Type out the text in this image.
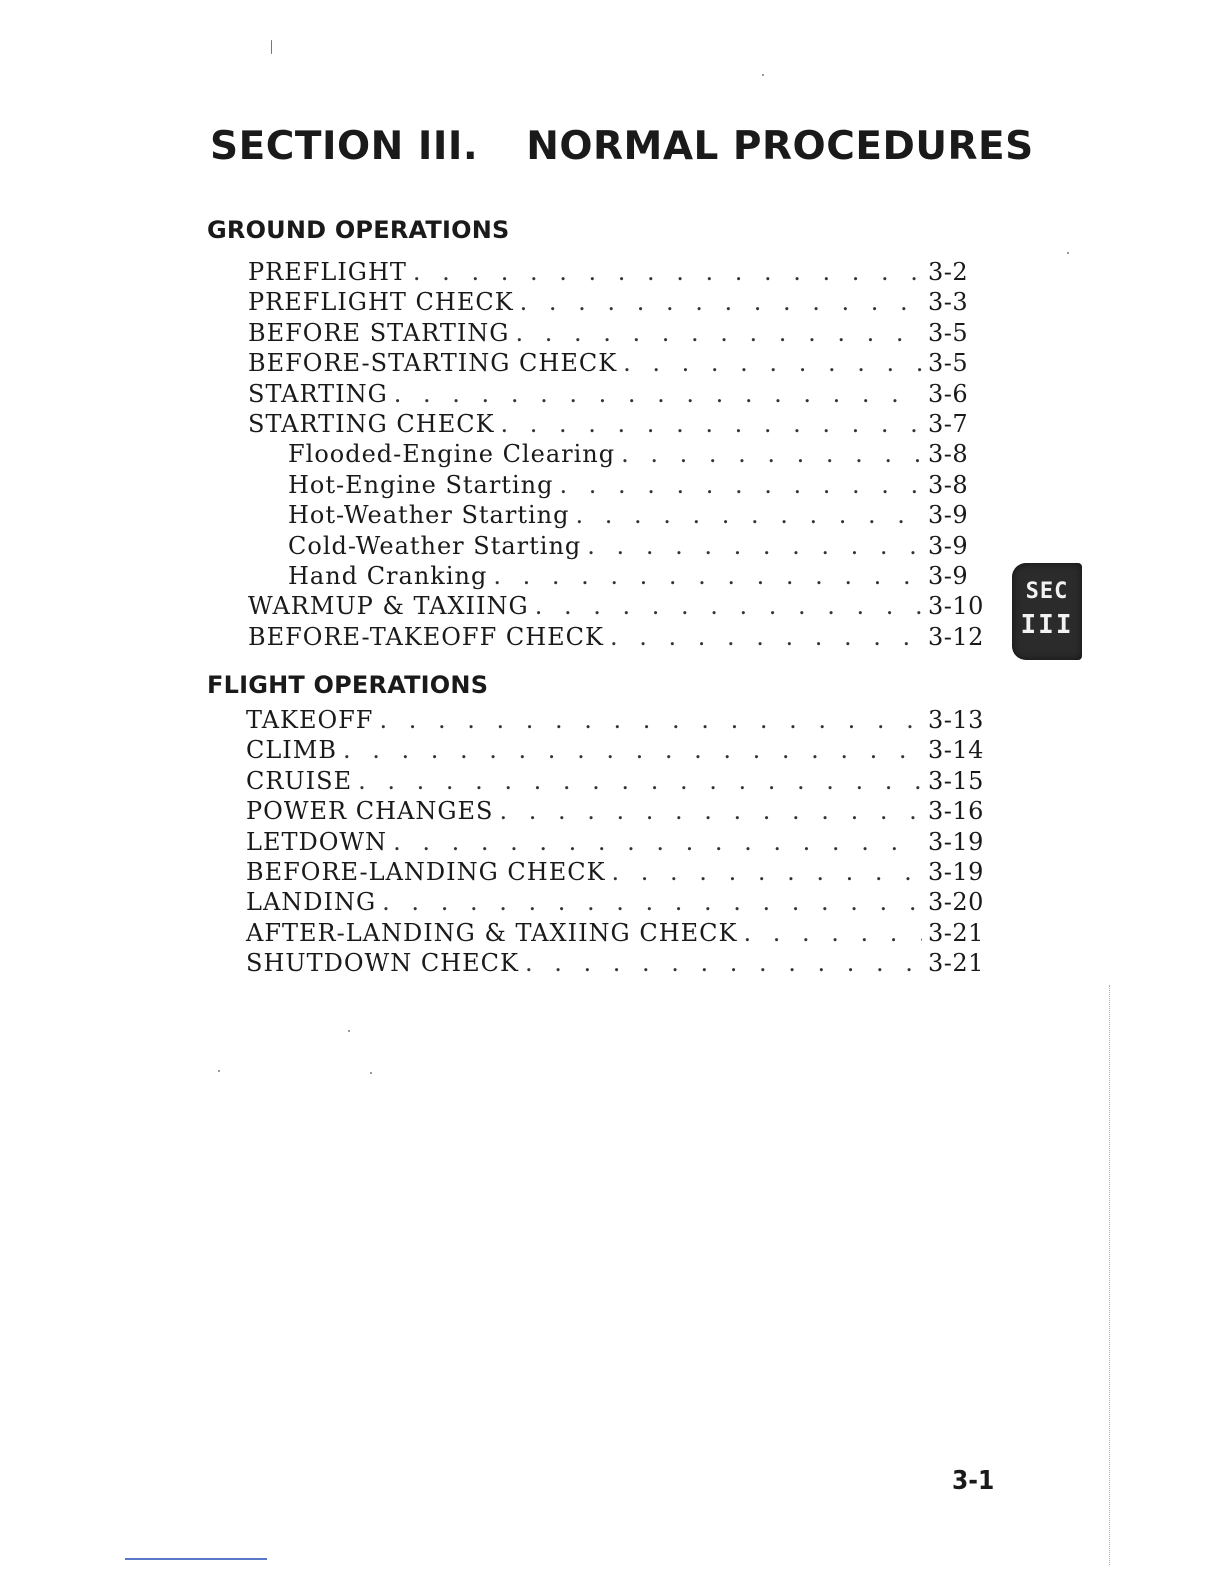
SECTION III. NORMAL PROCEDURES
GROUND OPERATIONS
PREFLIGHT . . .	3-2
PREFLIGHT CHECK . . .	3-3
BEFORE STARTING . . .	3-5
BEFORE-STARTING CHECK . . .	3-5
STARTING . . .	3-6
STARTING CHECK . . .	3-7
Flooded-Engine Clearing . . .	3-8
Hot-Engine Starting . . .	3-8
Hot-Weather Starting . . .	3-9
Cold-Weather Starting . . .	3-9
Hand Cranking . . .	3-9
WARMUP & TAXIING . . .	3-10
BEFORE-TAKEOFF CHECK . . .	3-12
FLIGHT OPERATIONS
TAKEOFF . . .	3-13
CLIMB . . .	3-14
CRUISE . . .	3-15
POWER CHANGES . . .	3-16
LETDOWN . . .	3-19
BEFORE-LANDING CHECK . . .	3-19
LANDING . . .	3-20
AFTER-LANDING & TAXIING CHECK . . .	3-21
SHUTDOWN CHECK . . .	3-21
SEC
III
3-1
